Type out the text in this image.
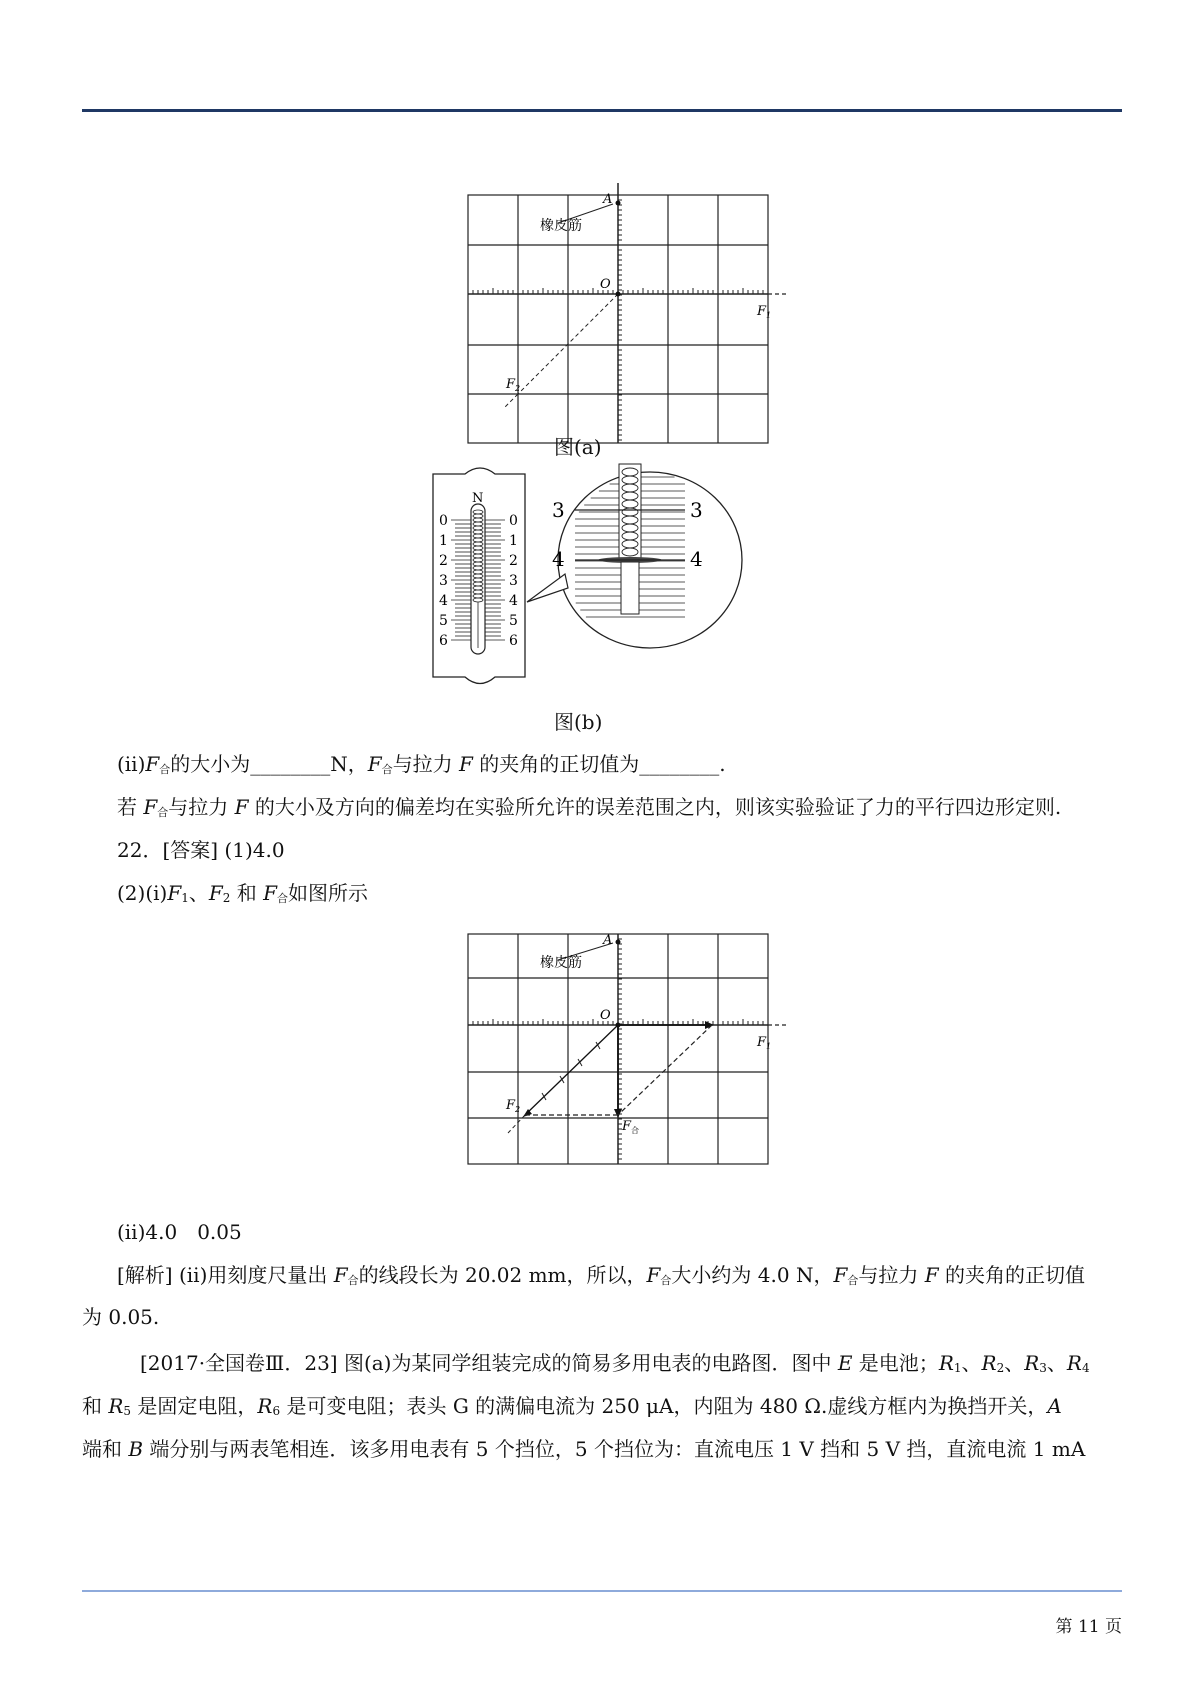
A
O
橡皮筋
$F_1$
$F_2$
图(a)
N
0
1
2
3
4
5
6
0
1
2
3
4
5
6
3
4
3
4
图(b)
(ⅱ)F合的大小为________N，F合与拉力 F 的夹角的正切值为________.
若 F合与拉力 F 的大小及方向的偏差均在实验所允许的误差范围之内，则该实验验证了力的平行四边形定则.
22．[答案] (1)4.0
(2)(ⅰ)F1、F2 和 F合如图所示
A
O
橡皮筋
$F_1$
$F_2$
$F_合$
(ⅱ)4.0　0.05
[解析] (ⅱ)用刻度尺量出 F合的线段长为 20.02 mm，所以，F合大小约为 4.0 N，F合与拉力 F 的夹角的正切值
为 0.05.
[2017·全国卷Ⅲ．23] 图(a)为某同学组装完成的简易多用电表的电路图．图中 E 是电池；R1、R2、R3、R4
和 R5 是固定电阻，R6 是可变电阻；表头 G 的满偏电流为 250 μA，内阻为 480 Ω.虚线方框内为换挡开关，A
端和 B 端分别与两表笔相连．该多用电表有 5 个挡位，5 个挡位为：直流电压 1 V 挡和 5 V 挡，直流电流 1 mA
第 11 页
